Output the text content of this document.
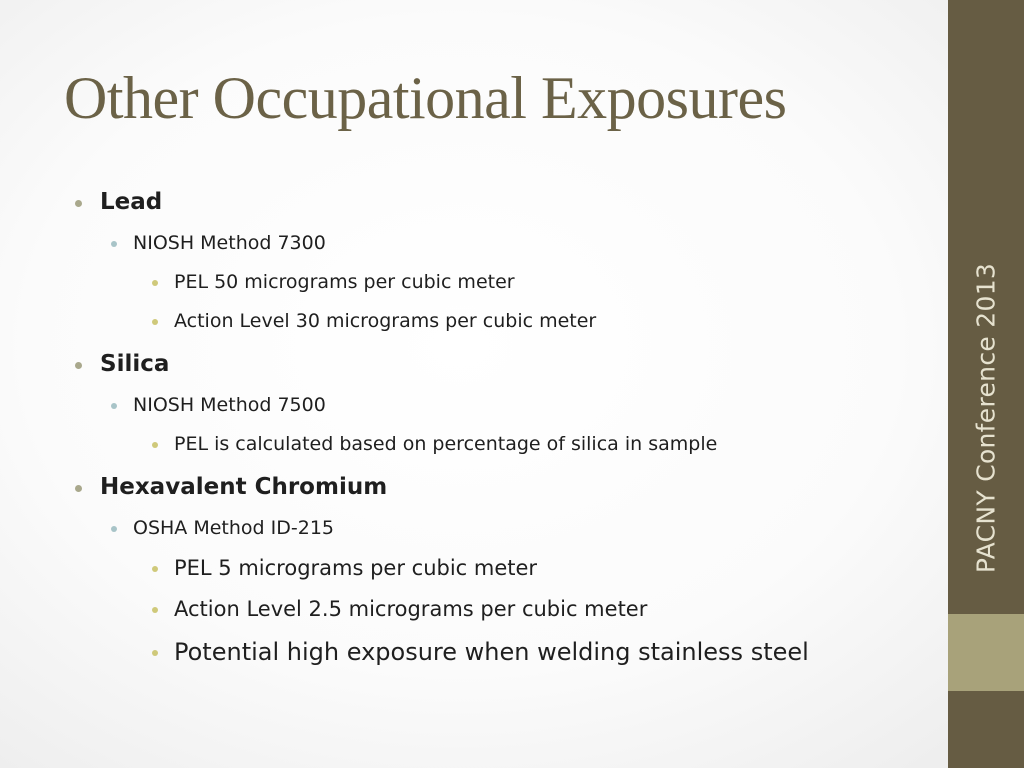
Other Occupational Exposures
Lead
NIOSH Method 7300
PEL 50 micrograms per cubic meter
Action Level 30 micrograms per cubic meter
Silica
NIOSH Method 7500
PEL is calculated based on percentage of silica in sample
Hexavalent Chromium
OSHA Method ID-215
PEL 5 micrograms per cubic meter
Action Level 2.5 micrograms per cubic meter
Potential high exposure when welding stainless steel
PACNY Conference 2013
